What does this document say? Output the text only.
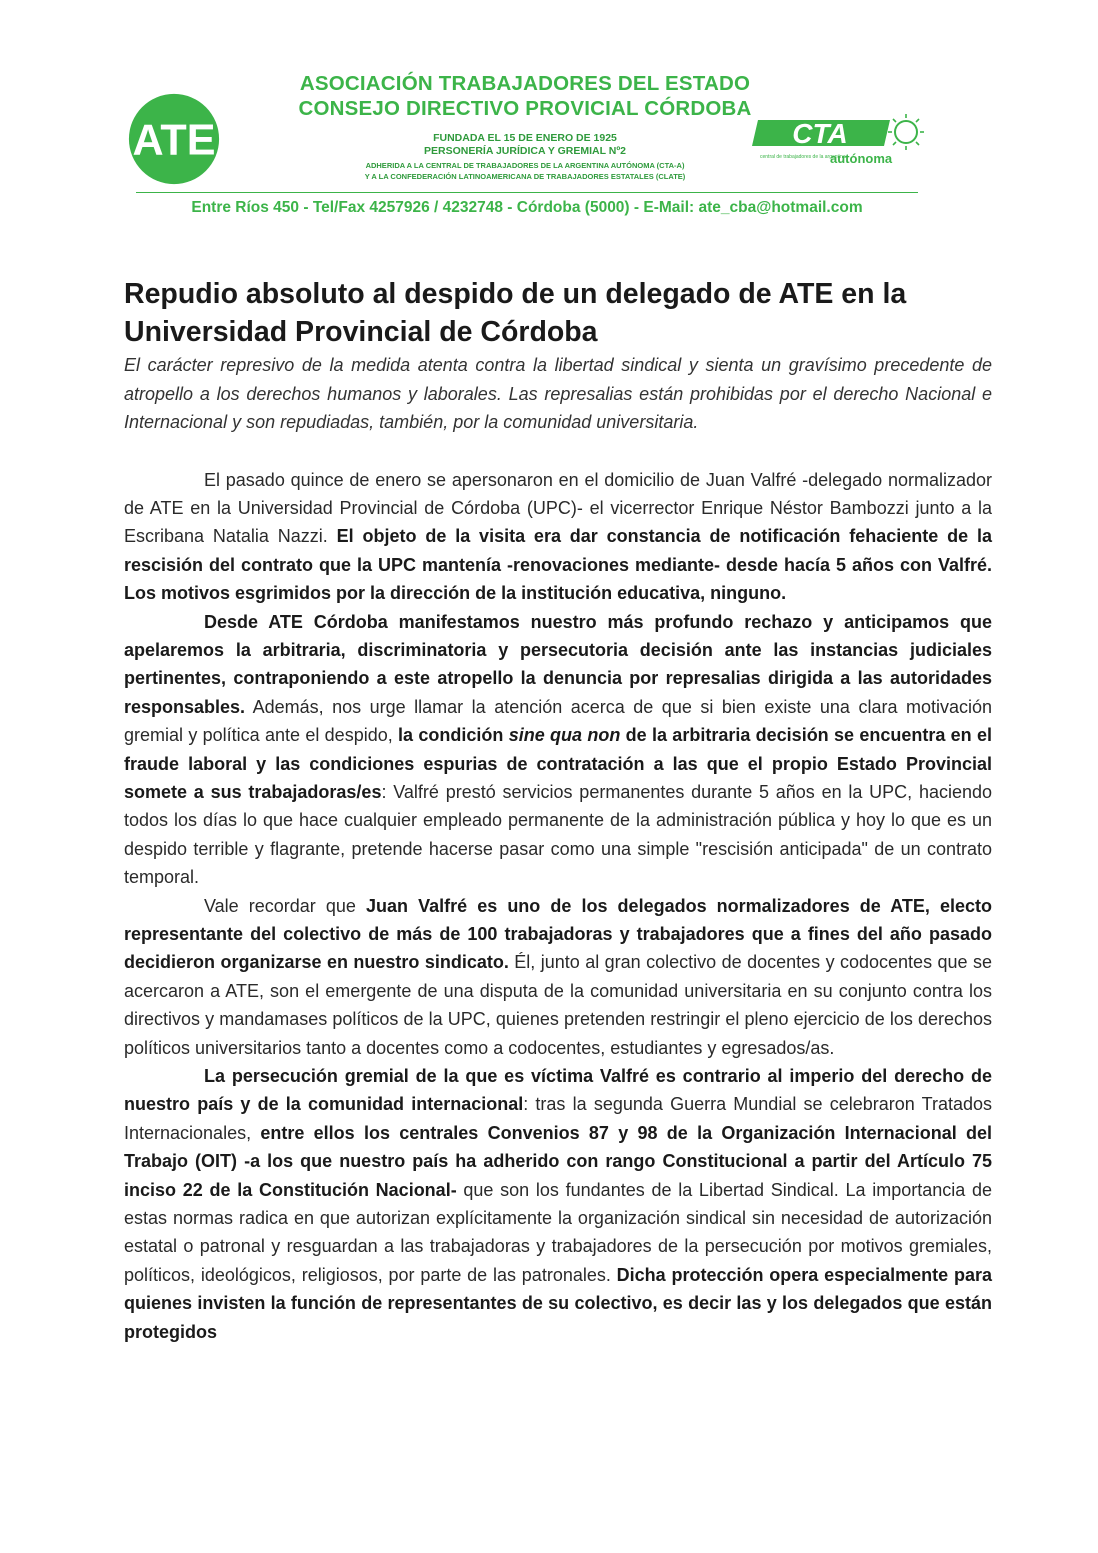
ATE
ASOCIACIÓN TRABAJADORES DEL ESTADO
CONSEJO DIRECTIVO PROVICIAL CÓRDOBA
FUNDADA EL 15 DE ENERO DE 1925
PERSONERÍA JURÍDICA Y GREMIAL Nº2
ADHERIDA A LA CENTRAL DE TRABAJADORES DE LA ARGENTINA AUTÓNOMA (CTA-A)
Y A LA CONFEDERACIÓN LATINOAMERICANA DE TRABAJADORES ESTATALES (CLATE)
CTA
central de trabajadores de la argentina
autónoma
Entre Ríos 450 - Tel/Fax 4257926 / 4232748 - Córdoba (5000) - E-Mail: ate_cba@hotmail.com
Repudio absoluto al despido de un delegado de ATE en la Universidad Provincial de Córdoba

El carácter represivo de la medida atenta contra la libertad sindical y sienta un gravísimo precedente de atropello a los derechos humanos y laborales. Las represalias están prohibidas por el derecho Nacional e Internacional y son repudiadas, también, por la comunidad universitaria.

El pasado quince de enero se apersonaron en el domicilio de Juan Valfré -delegado normalizador de ATE en la Universidad Provincial de Córdoba (UPC)- el vicerrector Enrique Néstor Bambozzi junto a la Escribana Natalia Nazzi. El objeto de la visita era dar constancia de notificación fehaciente de la rescisión del contrato que la UPC mantenía -renovaciones mediante- desde hacía 5 años con Valfré. Los motivos esgrimidos por la dirección de la institución educativa, ninguno.

Desde ATE Córdoba manifestamos nuestro más profundo rechazo y anticipamos que apelaremos la arbitraria, discriminatoria y persecutoria decisión ante las instancias judiciales pertinentes, contraponiendo a este atropello la denuncia por represalias dirigida a las autoridades responsables. Además, nos urge llamar la atención acerca de que si bien existe una clara motivación gremial y política ante el despido, la condición sine qua non de la arbitraria decisión se encuentra en el fraude laboral y las condiciones espurias de contratación a las que el propio Estado Provincial somete a sus trabajadoras/es: Valfré prestó servicios permanentes durante 5 años en la UPC, haciendo todos los días lo que hace cualquier empleado permanente de la administración pública y hoy lo que es un despido terrible y flagrante, pretende hacerse pasar como una simple "rescisión anticipada" de un contrato temporal.

Vale recordar que Juan Valfré es uno de los delegados normalizadores de ATE, electo representante del colectivo de más de 100 trabajadoras y trabajadores que a fines del año pasado decidieron organizarse en nuestro sindicato. Él, junto al gran colectivo de docentes y codocentes que se acercaron a ATE, son el emergente de una disputa de la comunidad universitaria en su conjunto contra los directivos y mandamases políticos de la UPC, quienes pretenden restringir el pleno ejercicio de los derechos políticos universitarios tanto a docentes como a codocentes, estudiantes y egresados/as.

La persecución gremial de la que es víctima Valfré es contrario al imperio del derecho de nuestro país y de la comunidad internacional: tras la segunda Guerra Mundial se celebraron Tratados Internacionales, entre ellos los centrales Convenios 87 y 98 de la Organización Internacional del Trabajo (OIT) -a los que nuestro país ha adherido con rango Constitucional a partir del Artículo 75 inciso 22 de la Constitución Nacional- que son los fundantes de la Libertad Sindical. La importancia de estas normas radica en que autorizan explícitamente la organización sindical sin necesidad de autorización estatal o patronal y resguardan a las trabajadoras y trabajadores de la persecución por motivos gremiales, políticos, ideológicos, religiosos, por parte de las patronales. Dicha protección opera especialmente para quienes invisten la función de representantes de su colectivo, es decir las y los delegados que están protegidos
